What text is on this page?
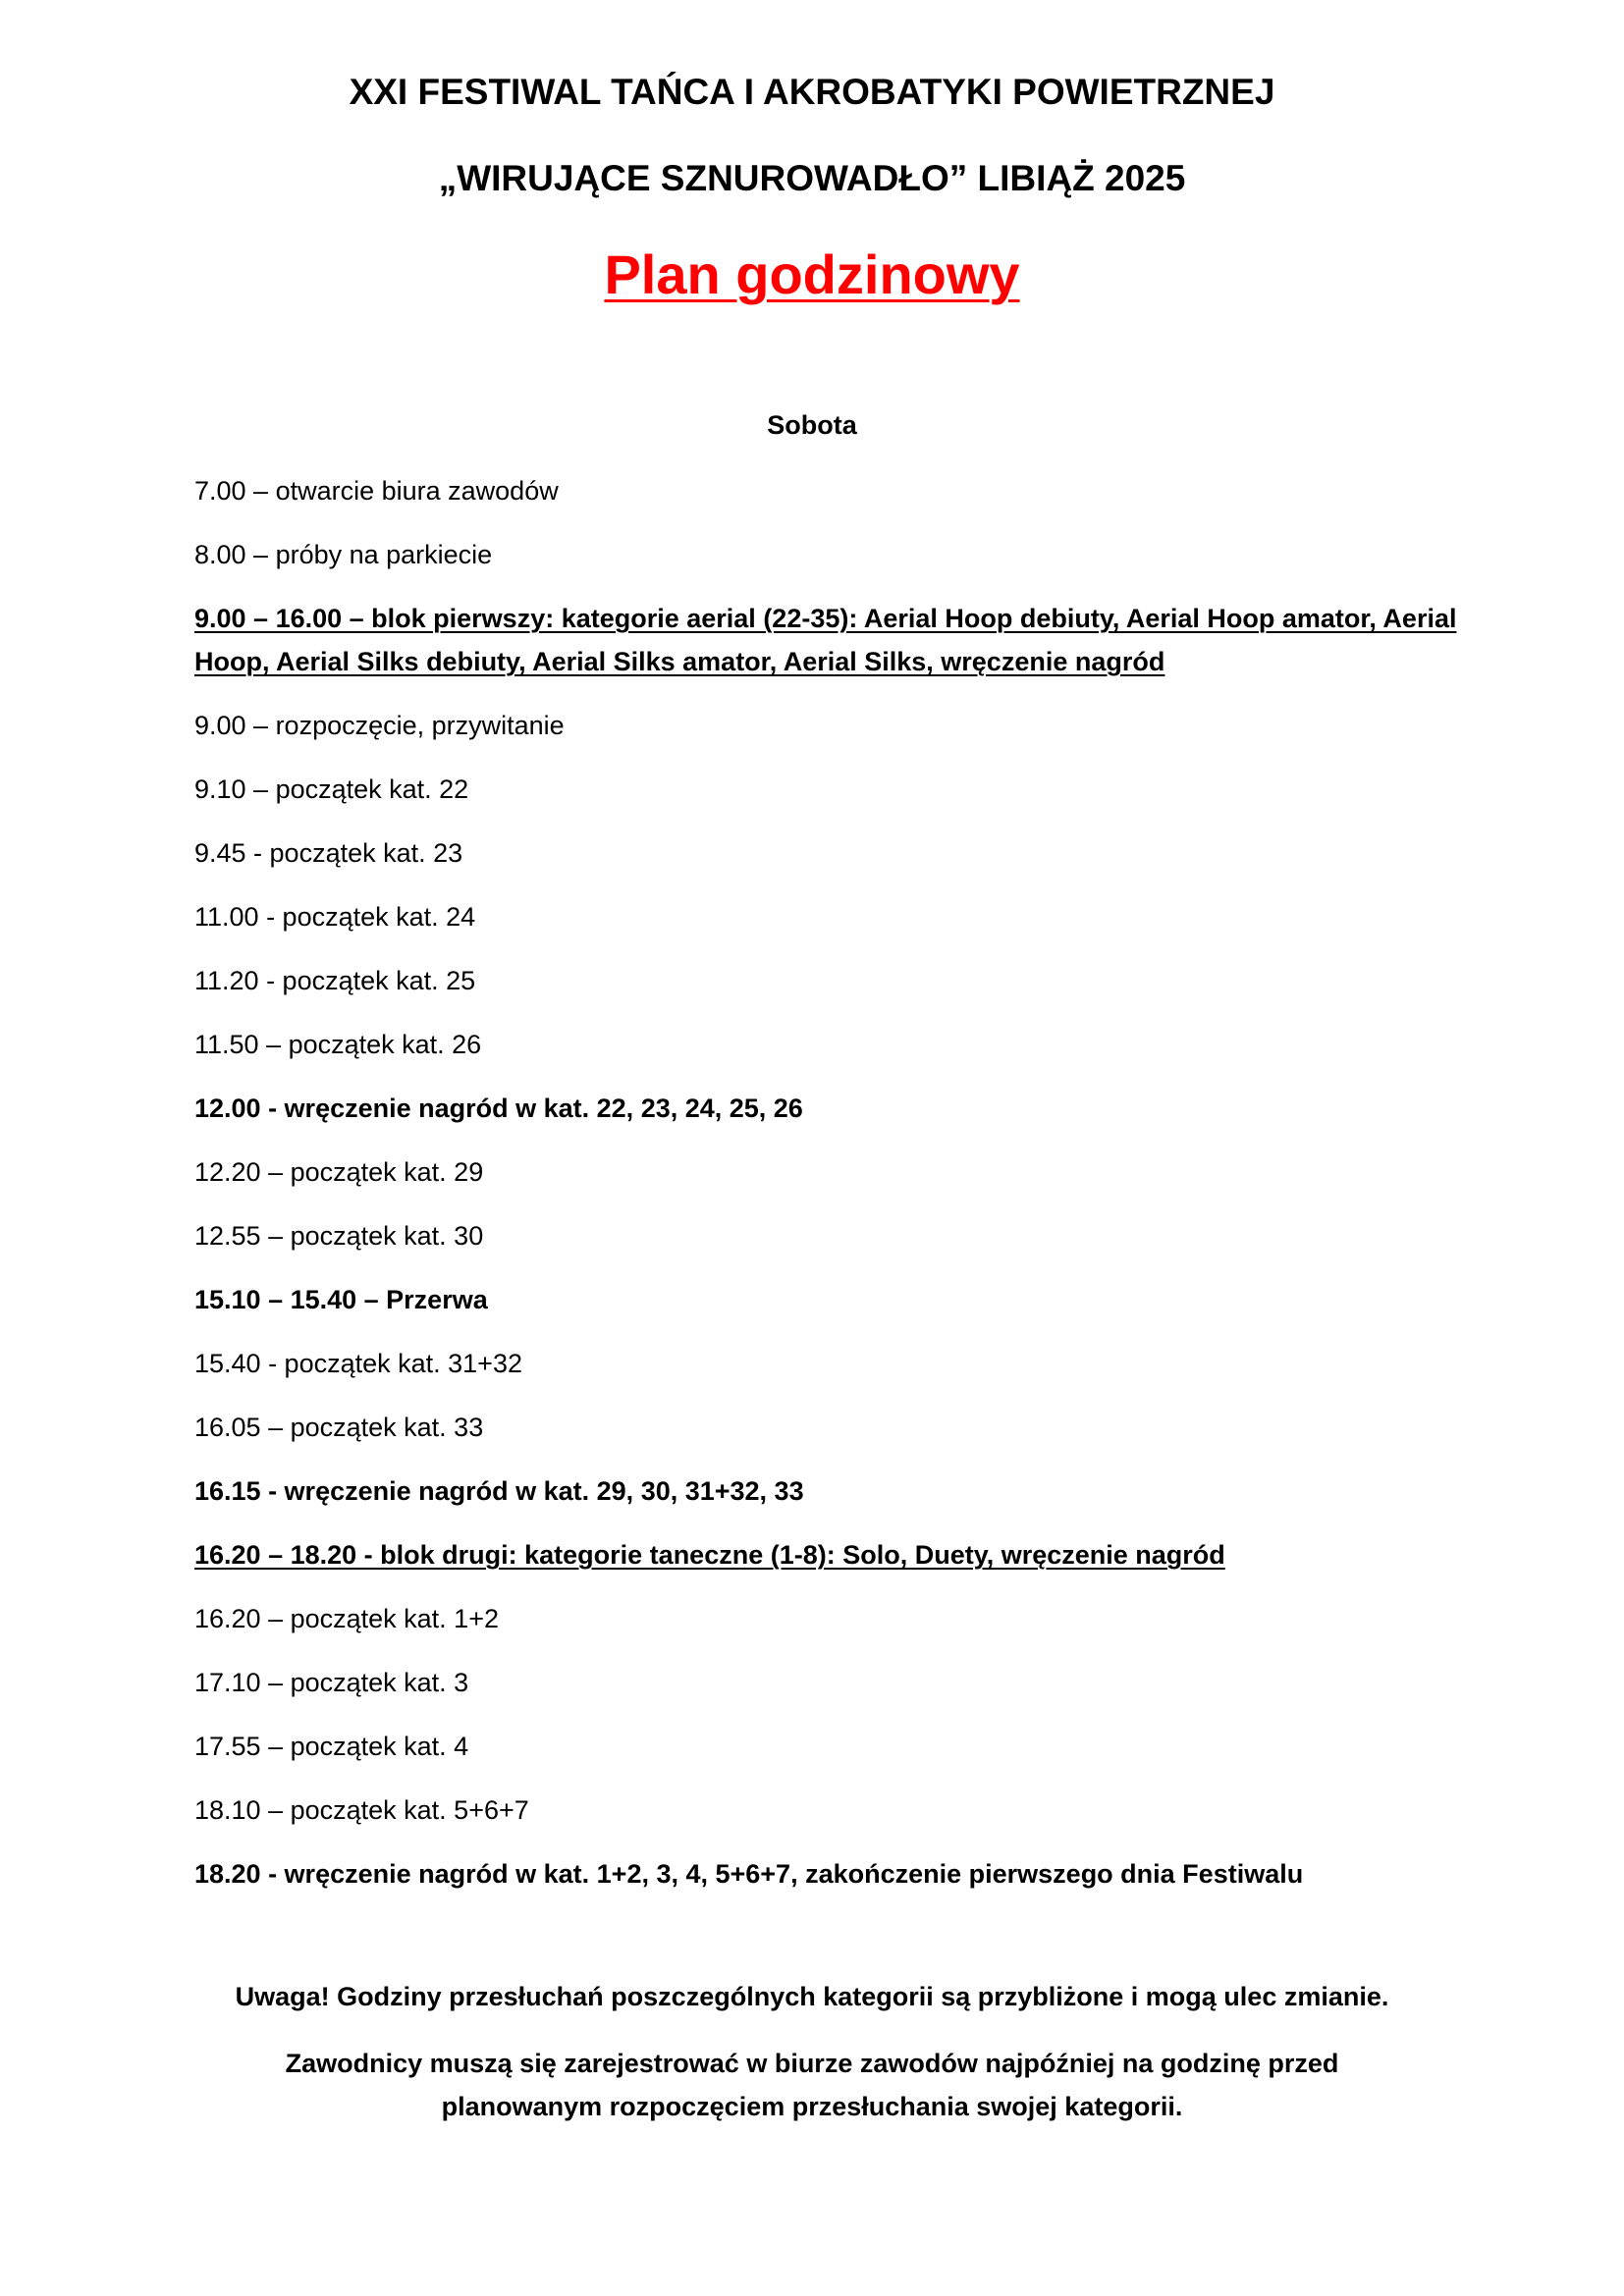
XXI FESTIWAL TAŃCA I AKROBATYKI POWIETRZNEJ
„WIRUJĄCE SZNUROWADŁO” LIBIĄŻ 2025
Plan godzinowy
Sobota
7.00 – otwarcie biura zawodów
8.00 – próby na parkiecie
9.00 – 16.00 – blok pierwszy: kategorie aerial (22-35): Aerial Hoop debiuty, Aerial Hoop amator, Aerial Hoop, Aerial Silks debiuty, Aerial Silks amator, Aerial Silks, wręczenie nagród
9.00 – rozpoczęcie, przywitanie
9.10 – początek kat. 22
9.45 - początek kat. 23
11.00 - początek kat. 24
11.20 - początek kat. 25
11.50 – początek kat. 26
12.00 - wręczenie nagród w kat. 22, 23, 24, 25, 26
12.20 – początek kat. 29
12.55 – początek kat. 30
15.10 – 15.40 – Przerwa
15.40 - początek kat. 31+32
16.05 – początek kat. 33
16.15 - wręczenie nagród w kat. 29, 30, 31+32, 33
16.20 – 18.20 - blok drugi: kategorie taneczne (1-8): Solo, Duety, wręczenie nagród
16.20 – początek kat. 1+2
17.10 – początek kat. 3
17.55 – początek kat. 4
18.10 – początek kat. 5+6+7
18.20 - wręczenie nagród w kat. 1+2, 3, 4, 5+6+7, zakończenie pierwszego dnia Festiwalu

Uwaga! Godziny przesłuchań poszczególnych kategorii są przybliżone i mogą ulec zmianie.

Zawodnicy muszą się zarejestrować w biurze zawodów najpóźniej na godzinę przed planowanym rozpoczęciem przesłuchania swojej kategorii.
